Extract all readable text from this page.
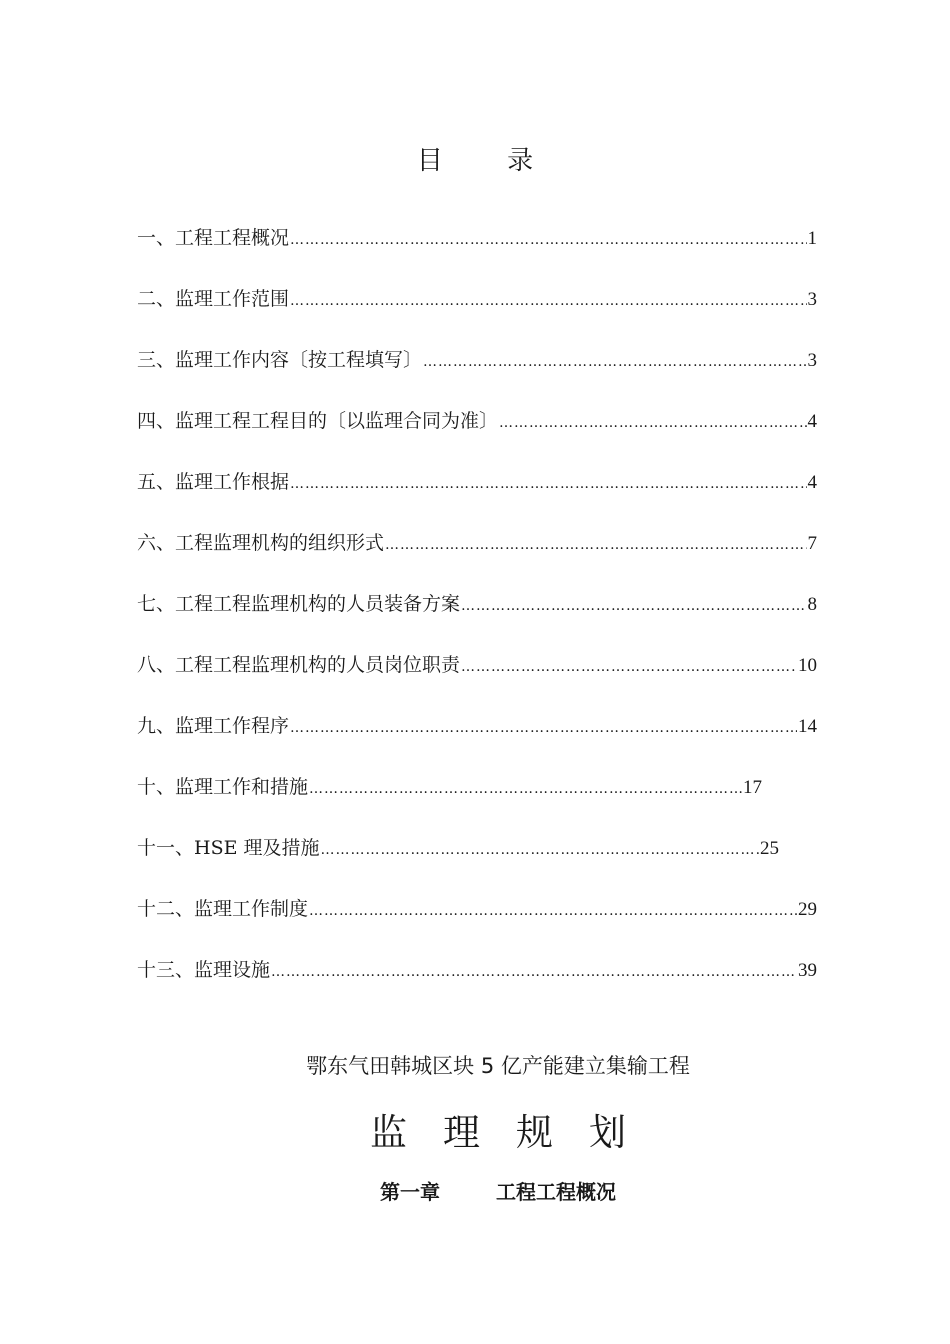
目 录
一、工程工程概况 ……………………………………………………………………………………………………………………………………………………………………	1
二、监理工作范围 ……………………………………………………………………………………………………………………………………………………………………	3
三、监理工作内容〔按工程填写〕 ……………………………………………………………………………………………………………………………………………………………………	3
四、监理工程工程目的〔以监理合同为准〕 ……………………………………………………………………………………………………………………………………………………………………	4
五、监理工作根据 ……………………………………………………………………………………………………………………………………………………………………	4
六、工程监理机构的组织形式 ……………………………………………………………………………………………………………………………………………………………………	7
七、工程工程监理机构的人员装备方案 ……………………………………………………………………………………………………………………………………………………………………	8
八、工程工程监理机构的人员岗位职责 ……………………………………………………………………………………………………………………………………………………………………	10
九、监理工作程序 ……………………………………………………………………………………………………………………………………………………………………	14
十、监理工作和措施 ……………………………………………………………………………………………………………………………………………………………………	17
十一、HSE 理及措施 ……………………………………………………………………………………………………………………………………………………………………	25
十二、监理工作制度 ……………………………………………………………………………………………………………………………………………………………………	29
十三、监理设施 ……………………………………………………………………………………………………………………………………………………………………	39
鄂东气田韩城区块 5 亿产能建立集输工程
监理规划
第一章	工程工程概况
